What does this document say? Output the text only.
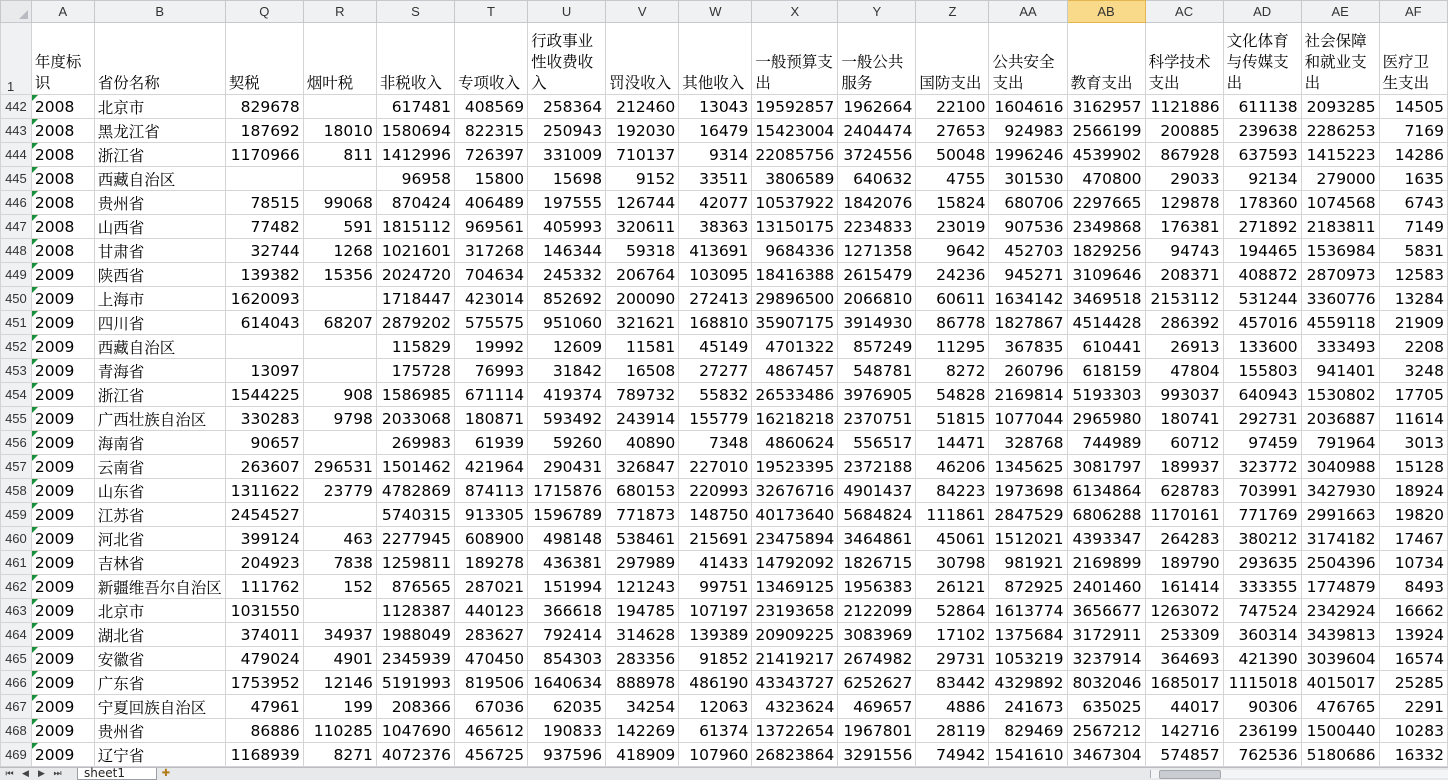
	A	B	Q	R	S	T	U	V	W	X	Y	Z	AA	AB	AC	AD	AE	AF
1	年度标识	省份名称	契税	烟叶税	非税收入	专项收入	行政事业性收费收入	罚没收入	其他收入	一般预算支出	一般公共服务	国防支出	公共安全支出	教育支出	科学技术支出	文化体育与传媒支出	社会保障和就业支出	医疗卫生支出
442	2008	北京市	829678		617481	408569	258364	212460	13043	19592857	1962664	22100	1604616	3162957	1121886	611138	2093285	14505
443	2008	黑龙江省	187692	18010	1580694	822315	250943	192030	16479	15423004	2404474	27653	924983	2566199	200885	239638	2286253	7169
444	2008	浙江省	1170966	811	1412996	726397	331009	710137	9314	22085756	3724556	50048	1996246	4539902	867928	637593	1415223	14286
445	2008	西藏自治区			96958	15800	15698	9152	33511	3806589	640632	4755	301530	470800	29033	92134	279000	1635
446	2008	贵州省	78515	99068	870424	406489	197555	126744	42077	10537922	1842076	15824	680706	2297665	129878	178360	1074568	6743
447	2008	山西省	77482	591	1815112	969561	405993	320611	38363	13150175	2234833	23019	907536	2349868	176381	271892	2183811	7149
448	2008	甘肃省	32744	1268	1021601	317268	146344	59318	413691	9684336	1271358	9642	452703	1829256	94743	194465	1536984	5831
449	2009	陕西省	139382	15356	2024720	704634	245332	206764	103095	18416388	2615479	24236	945271	3109646	208371	408872	2870973	12583
450	2009	上海市	1620093		1718447	423014	852692	200090	272413	29896500	2066810	60611	1634142	3469518	2153112	531244	3360776	13284
451	2009	四川省	614043	68207	2879202	575575	951060	321621	168810	35907175	3914930	86778	1827867	4514428	286392	457016	4559118	21909
452	2009	西藏自治区			115829	19992	12609	11581	45149	4701322	857249	11295	367835	610441	26913	133600	333493	2208
453	2009	青海省	13097		175728	76993	31842	16508	27277	4867457	548781	8272	260796	618159	47804	155803	941401	3248
454	2009	浙江省	1544225	908	1586985	671114	419374	789732	55832	26533486	3976905	54828	2169814	5193303	993037	640943	1530802	17705
455	2009	广西壮族自治区	330283	9798	2033068	180871	593492	243914	155779	16218218	2370751	51815	1077044	2965980	180741	292731	2036887	11614
456	2009	海南省	90657		269983	61939	59260	40890	7348	4860624	556517	14471	328768	744989	60712	97459	791964	3013
457	2009	云南省	263607	296531	1501462	421964	290431	326847	227010	19523395	2372188	46206	1345625	3081797	189937	323772	3040988	15128
458	2009	山东省	1311622	23779	4782869	874113	1715876	680153	220993	32676716	4901437	84223	1973698	6134864	628783	703991	3427930	18924
459	2009	江苏省	2454527		5740315	913305	1596789	771873	148750	40173640	5684824	111861	2847529	6806288	1170161	771769	2991663	19820
460	2009	河北省	399124	463	2277945	608900	498148	538461	215691	23475894	3464861	45061	1512021	4393347	264283	380212	3174182	17467
461	2009	吉林省	204923	7838	1259811	189278	436381	297989	41433	14792092	1826715	30798	981921	2169899	189790	293635	2504396	10734
462	2009	新疆维吾尔自治区	111762	152	876565	287021	151994	121243	99751	13469125	1956383	26121	872925	2401460	161414	333355	1774879	8493
463	2009	北京市	1031550		1128387	440123	366618	194785	107197	23193658	2122099	52864	1613774	3656677	1263072	747524	2342924	16662
464	2009	湖北省	374011	34937	1988049	283627	792414	314628	139389	20909225	3083969	17102	1375684	3172911	253309	360314	3439813	13924
465	2009	安徽省	479024	4901	2345939	470450	854303	283356	91852	21419217	2674982	29731	1053219	3237914	364693	421390	3039604	16574
466	2009	广东省	1753952	12146	5191993	819506	1640634	888978	486190	43343727	6252627	83442	4329892	8032046	1685017	1115018	4015017	25285
467	2009	宁夏回族自治区	47961	199	208366	67036	62035	34254	12063	4323624	469657	4886	241673	635025	44017	90306	476765	2291
468	2009	贵州省	86886	110285	1047690	465612	190833	142269	61374	13722654	1967801	28119	829469	2567212	142716	236199	1500440	10283
469	2009	辽宁省	1168939	8271	4072376	456725	937596	418909	107960	26823864	3291556	74942	1541610	3467304	574857	762536	5180686	16332
⏮ ◀ ▶ ⏭	sheet1	✚
